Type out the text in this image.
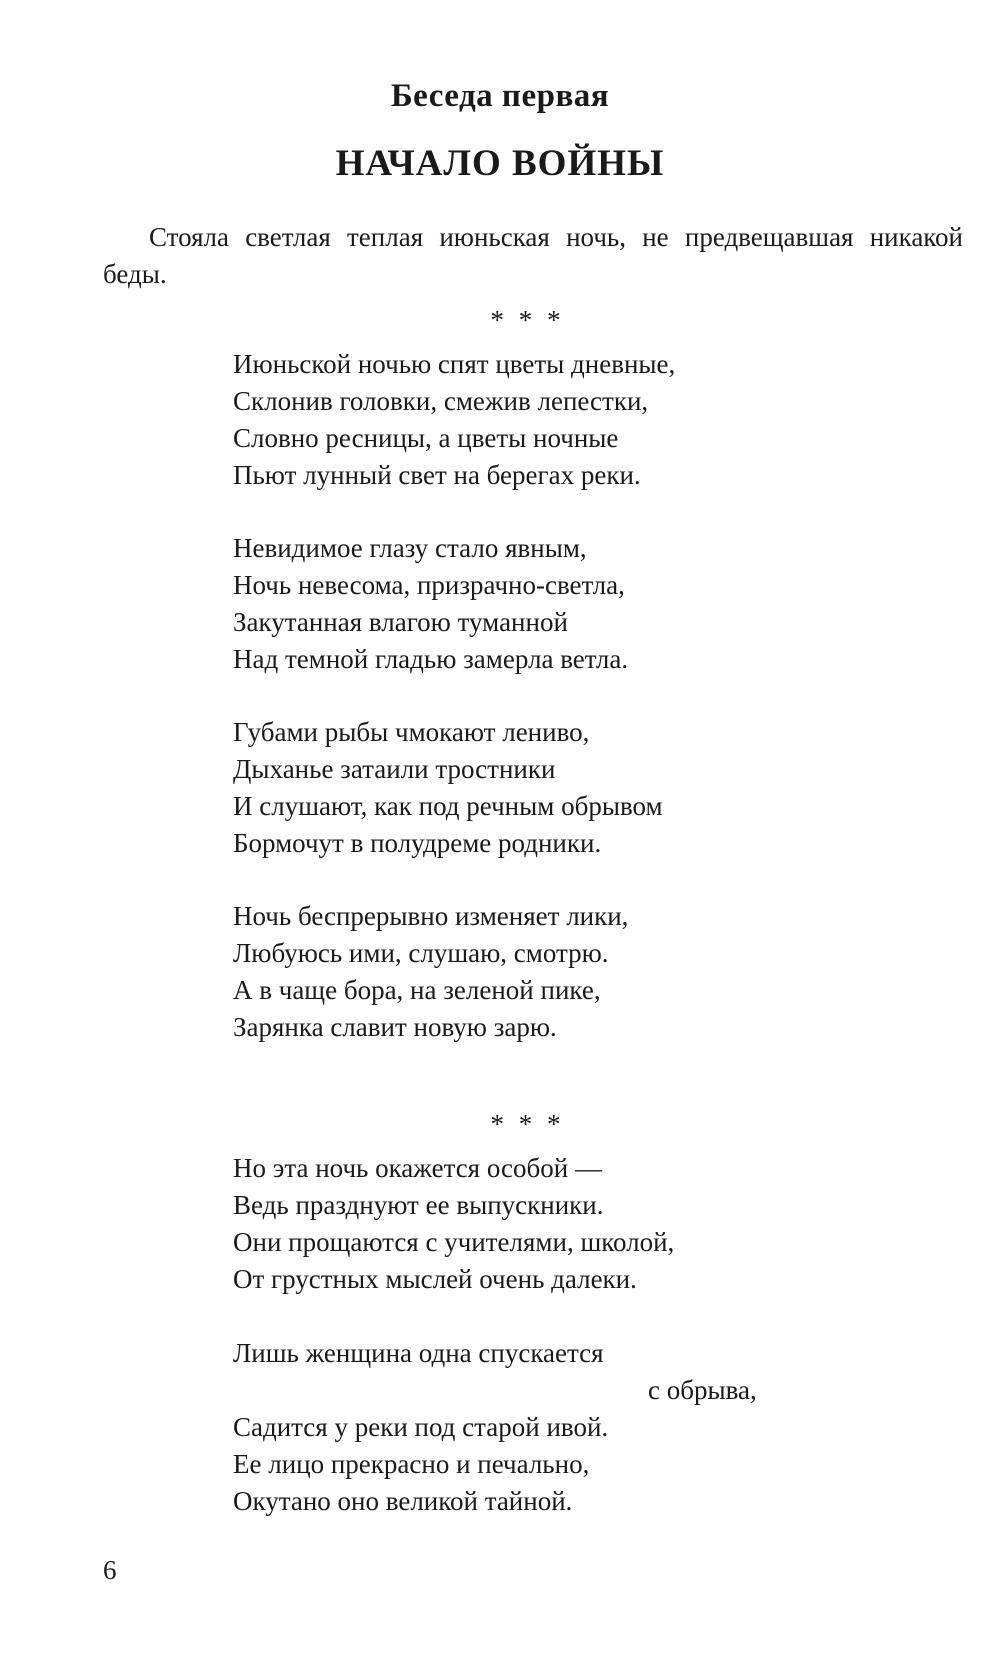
Беседа первая
НАЧАЛО ВОЙНЫ

Стояла светлая теплая июньская ночь, не предвещавшая никакой беды.

* * *

Июньской ночью спят цветы дневные,
Склонив головки, смежив лепестки,
Словно ресницы, а цветы ночные
Пьют лунный свет на берегах реки.
Невидимое глазу стало явным,
Ночь невесома, призрачно-светла,
Закутанная влагою туманной
Над темной гладью замерла ветла.
Губами рыбы чмокают лениво,
Дыханье затаили тростники
И слушают, как под речным обрывом
Бормочут в полудреме родники.
Ночь беспрерывно изменяет лики,
Любуюсь ими, слушаю, смотрю.
А в чаще бора, на зеленой пике,
Зарянка славит новую зарю.

* * *

Но эта ночь окажется особой —
Ведь празднуют ее выпускники.
Они прощаются с учителями, школой,
От грустных мыслей очень далеки.
Лишь женщина одна спускается
с обрыва,
Садится у реки под старой ивой.
Ее лицо прекрасно и печально,
Окутано оно великой тайной.

6
